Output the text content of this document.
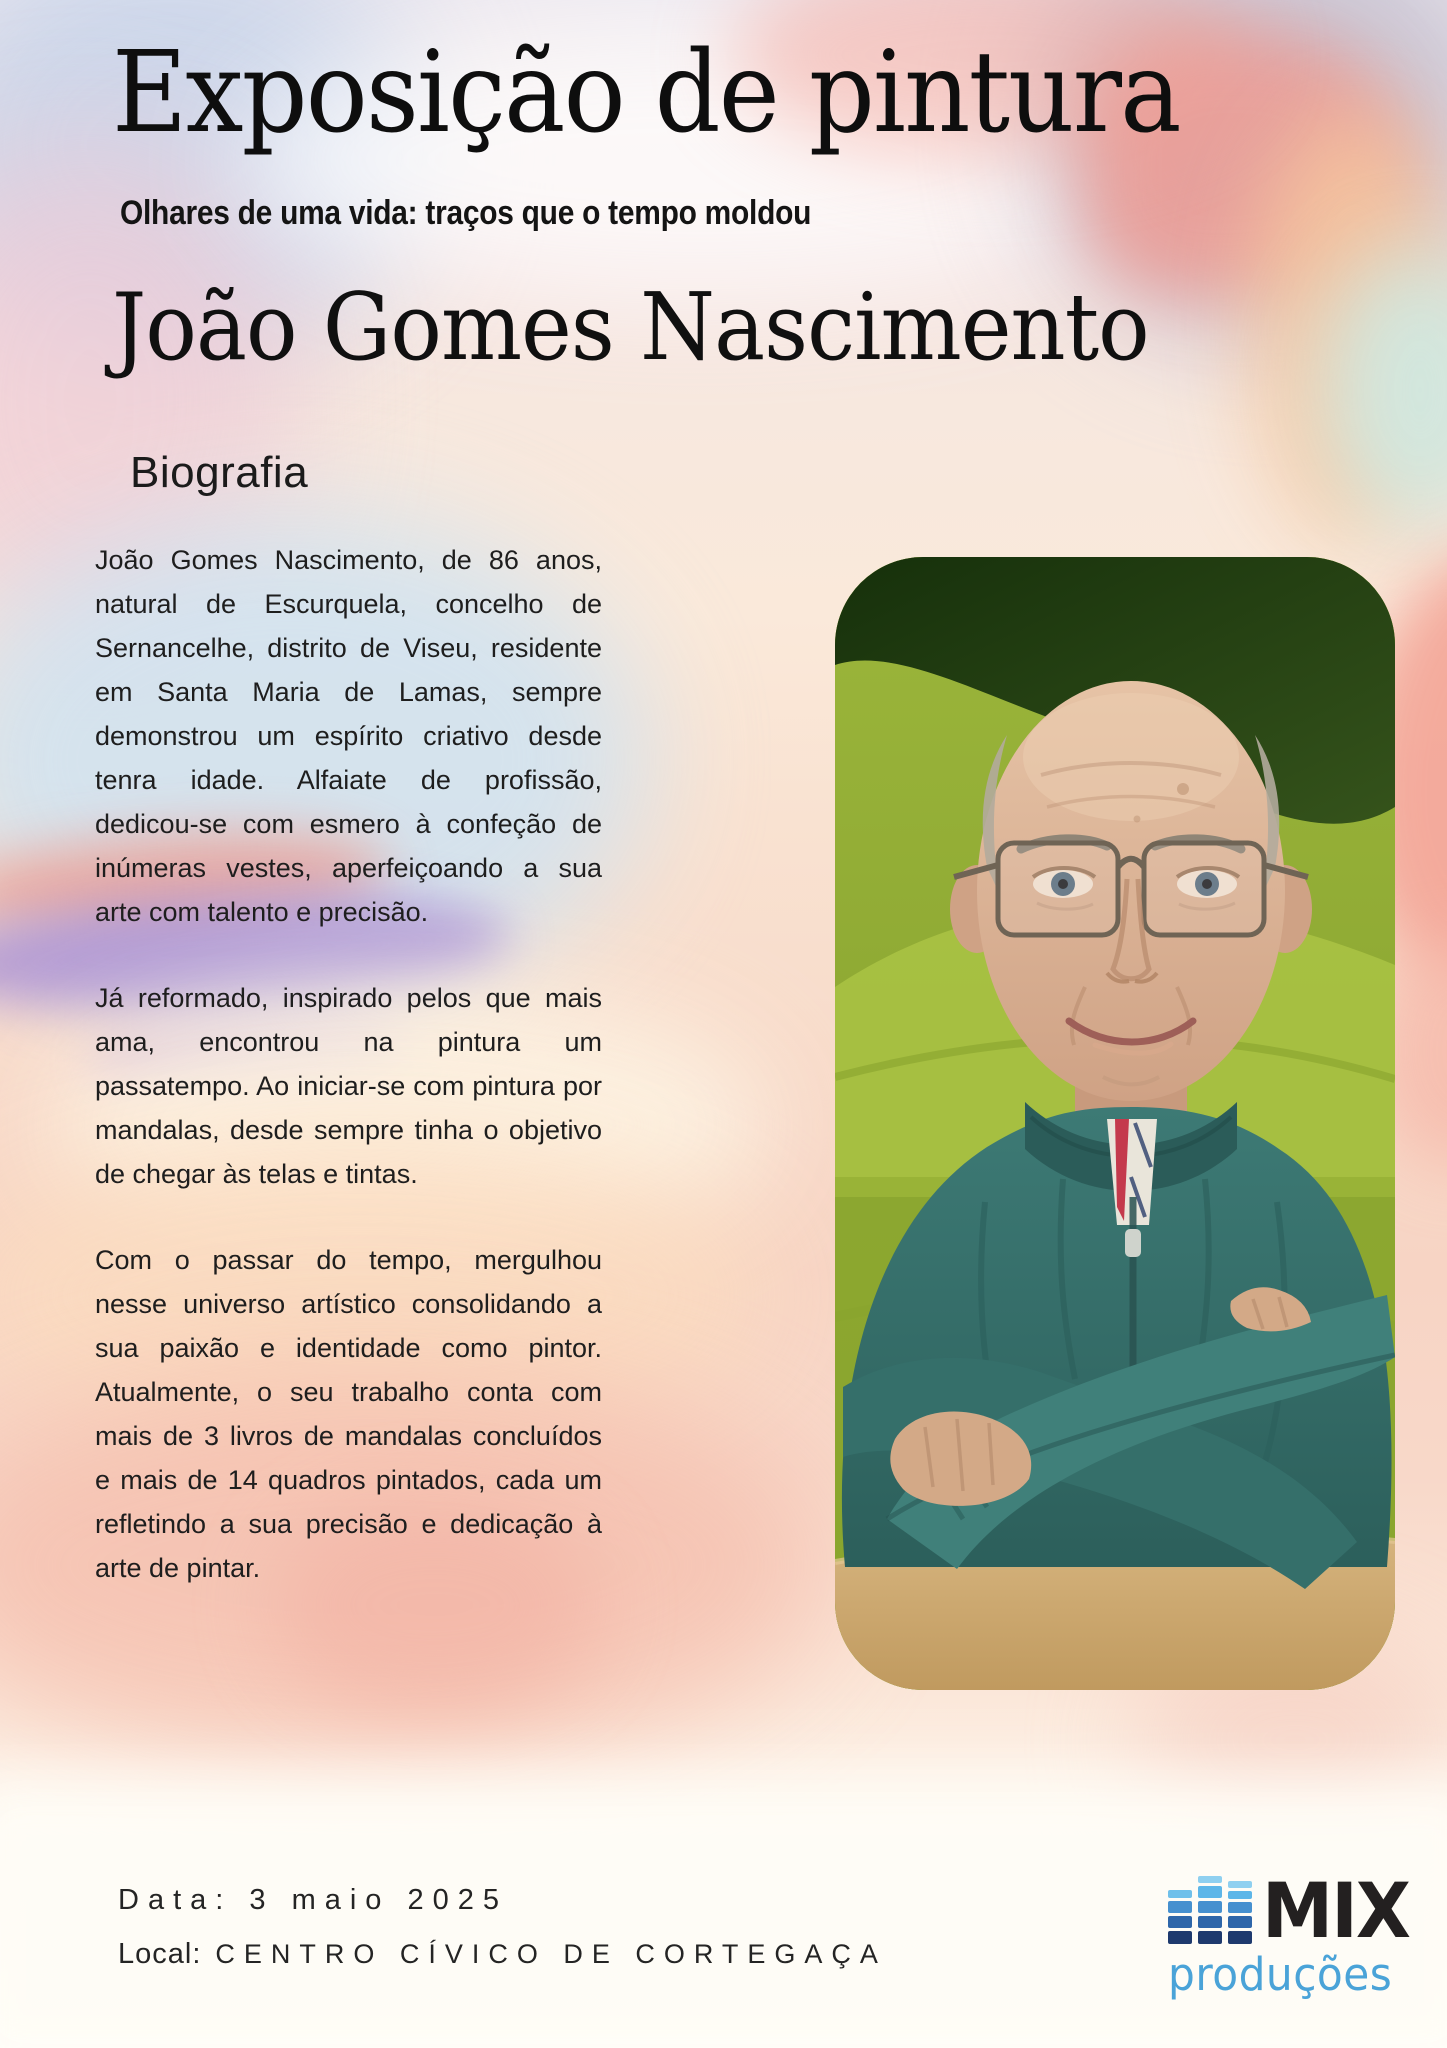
Exposição de pintura
Olhares de uma vida: traços que o tempo moldou
João Gomes Nascimento
Biografia

João Gomes Nascimento, de 86 anos, natural de Escurquela, concelho de Sernancelhe, distrito de Viseu, residente em Santa Maria de Lamas, sempre demonstrou um espírito criativo desde tenra idade. Alfaiate de profissão, dedicou-se com esmero à confeção de inúmeras vestes, aperfeiçoando a sua arte com talento e precisão.

Já reformado, inspirado pelos que mais ama, encontrou na pintura um passatempo. Ao iniciar-se com pintura por mandalas, desde sempre tinha o objetivo de chegar às telas e tintas.

Com o passar do tempo, mergulhou nesse universo artístico consolidando a sua paixão e identidade como pintor. Atualmente, o seu trabalho conta com mais de 3 livros de mandalas concluídos e mais de 14 quadros pintados, cada um refletindo a sua precisão e dedicação à arte de pintar.

Data: 3 maio 2025
Local: CENTRO CÍVICO DE CORTEGAÇA	MIX
produções
